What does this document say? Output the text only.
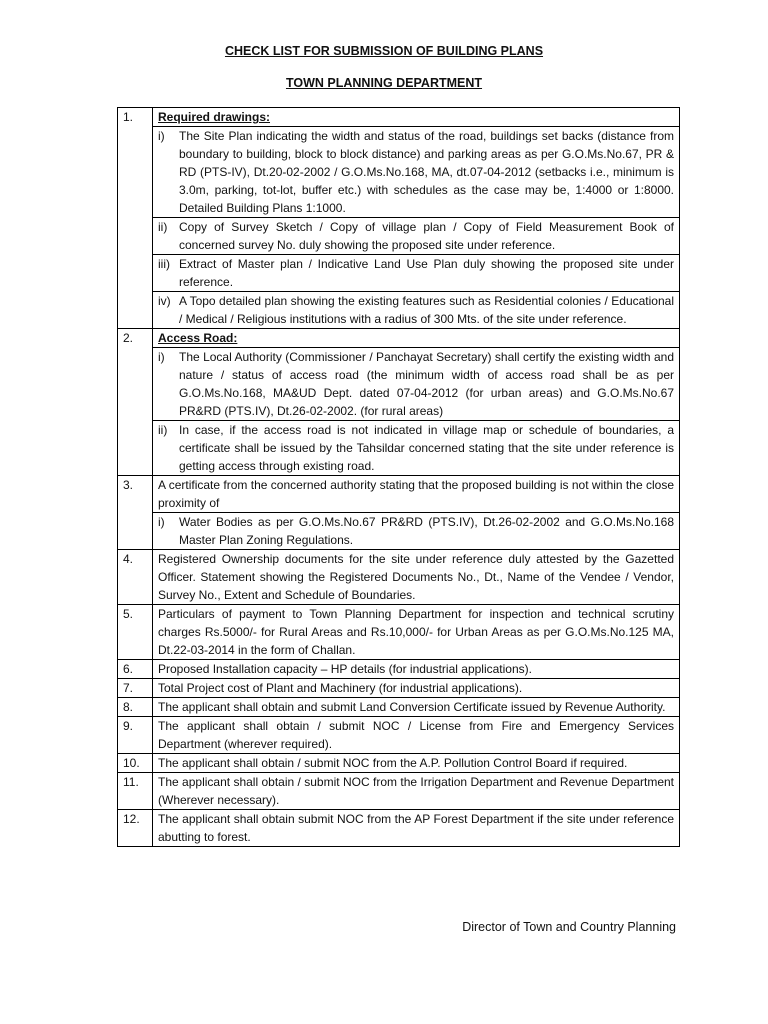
CHECK LIST FOR SUBMISSION OF BUILDING PLANS
TOWN PLANNING DEPARTMENT
1.	Required drawings:
i)	The Site Plan indicating the width and status of the road, buildings set backs (distance from boundary to building, block to block distance) and parking areas as per G.O.Ms.No.67, PR & RD (PTS-IV), Dt.20-02-2002 / G.O.Ms.No.168, MA, dt.07-04-2012 (setbacks i.e., minimum is 3.0m, parking, tot-lot, buffer etc.) with schedules as the case may be, 1:4000 or 1:8000. Detailed Building Plans 1:1000.
ii)	Copy of Survey Sketch / Copy of village plan / Copy of Field Measurement Book of concerned survey No. duly showing the proposed site under reference.
iii)	Extract of Master plan / Indicative Land Use Plan duly showing the proposed site under reference.
iv)	A Topo detailed plan showing the existing features such as Residential colonies / Educational / Medical / Religious institutions with a radius of 300 Mts. of the site under reference.

2.	Access Road:
i)	The Local Authority (Commissioner / Panchayat Secretary) shall certify the existing width and nature / status of access road (the minimum width of access road shall be as per G.O.Ms.No.168, MA&UD Dept. dated 07-04-2012 (for urban areas) and G.O.Ms.No.67 PR&RD (PTS.IV), Dt.26-02-2002. (for rural areas)
ii)	In case, if the access road is not indicated in village map or schedule of boundaries, a certificate shall be issued by the Tahsildar concerned stating that the site under reference is getting access through existing road.

3.	A certificate from the concerned authority stating that the proposed building is not within the close proximity of
i)	Water Bodies as per G.O.Ms.No.67 PR&RD (PTS.IV), Dt.26-02-2002 and G.O.Ms.No.168 Master Plan Zoning Regulations.

4.	Registered Ownership documents for the site under reference duly attested by the Gazetted Officer. Statement showing the Registered Documents No., Dt., Name of the Vendee / Vendor, Survey No., Extent and Schedule of Boundaries.
5.	Particulars of payment to Town Planning Department for inspection and technical scrutiny charges Rs.5000/- for Rural Areas and Rs.10,000/- for Urban Areas as per G.O.Ms.No.125 MA, Dt.22-03-2014 in the form of Challan.
6.	Proposed Installation capacity – HP details (for industrial applications).
7.	Total Project cost of Plant and Machinery (for industrial applications).
8.	The applicant shall obtain and submit Land Conversion Certificate issued by Revenue Authority.
9.	The applicant shall obtain / submit NOC / License from Fire and Emergency Services Department (wherever required).
10.	The applicant shall obtain / submit NOC from the A.P. Pollution Control Board if required.
11.	The applicant shall obtain / submit NOC from the Irrigation Department and Revenue Department (Wherever necessary).
12.	The applicant shall obtain submit NOC from the AP Forest Department if the site under reference abutting to forest.
Director of Town and Country Planning
